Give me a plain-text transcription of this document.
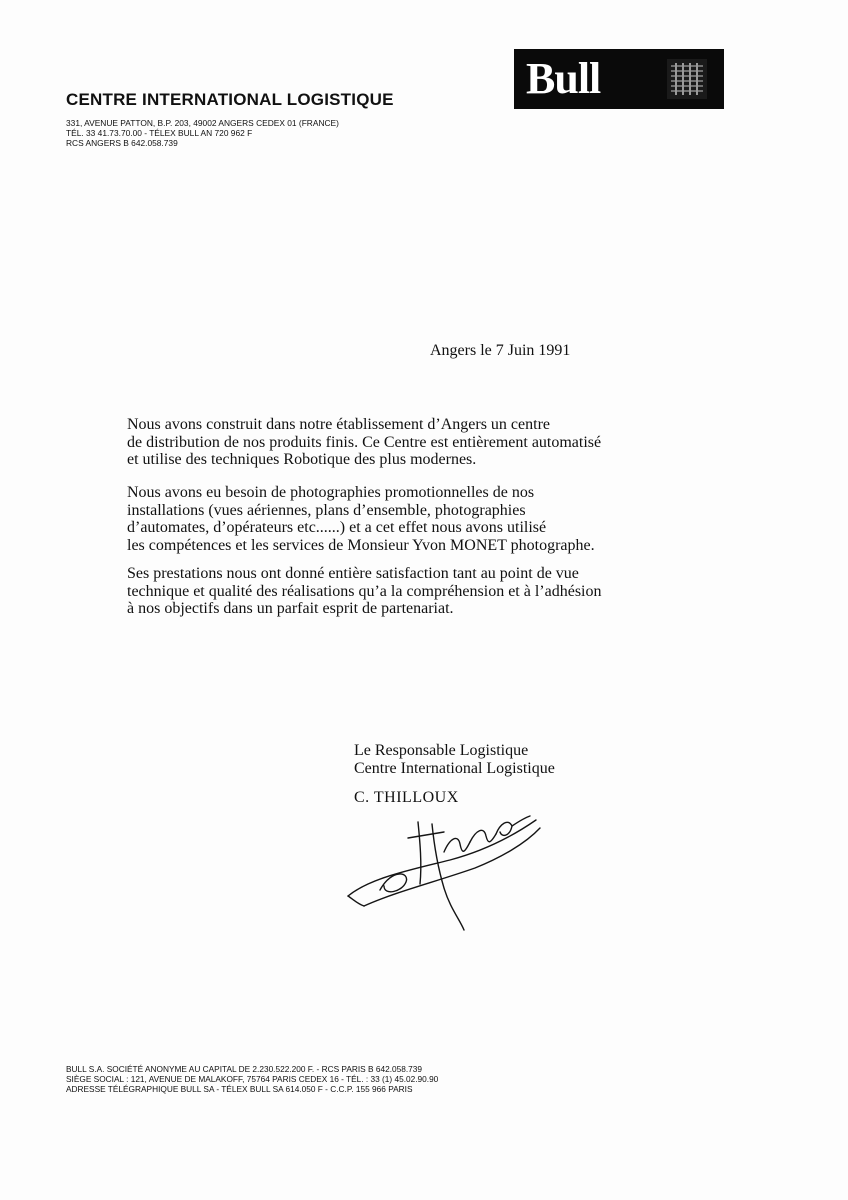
CENTRE INTERNATIONAL LOGISTIQUE
331, AVENUE PATTON, B.P. 203, 49002 ANGERS CEDEX 01 (FRANCE)
TÉL. 33 41.73.70.00 - TÉLEX BULL AN 720 962 F
RCS ANGERS B 642.058.739
Bull
Angers le 7 Juin 1991
Nous avons construit dans notre établissement d’Angers un centre
de distribution de nos produits finis. Ce Centre est entièrement automatisé
et utilise des techniques Robotique des plus modernes.
Nous avons eu besoin de photographies promotionnelles de nos
installations (vues aériennes, plans d’ensemble, photographies
d’automates, d’opérateurs etc......) et a cet effet nous avons utilisé
les compétences et les services de Monsieur Yvon MONET photographe.
Ses prestations nous ont donné entière satisfaction tant au point de vue
technique et qualité des réalisations qu’a la compréhension et à l’adhésion
à nos objectifs dans un parfait esprit de partenariat.
Le Responsable Logistique
Centre International Logistique
C. THILLOUX
BULL S.A. SOCIÉTÉ ANONYME AU CAPITAL DE 2.230.522.200 F. - RCS PARIS B 642.058.739
SIÈGE SOCIAL : 121, AVENUE DE MALAKOFF, 75764 PARIS CEDEX 16 - TÉL. : 33 (1) 45.02.90.90
ADRESSE TÉLÉGRAPHIQUE BULL SA - TÉLEX BULL SA 614.050 F - C.C.P. 155 966 PARIS
